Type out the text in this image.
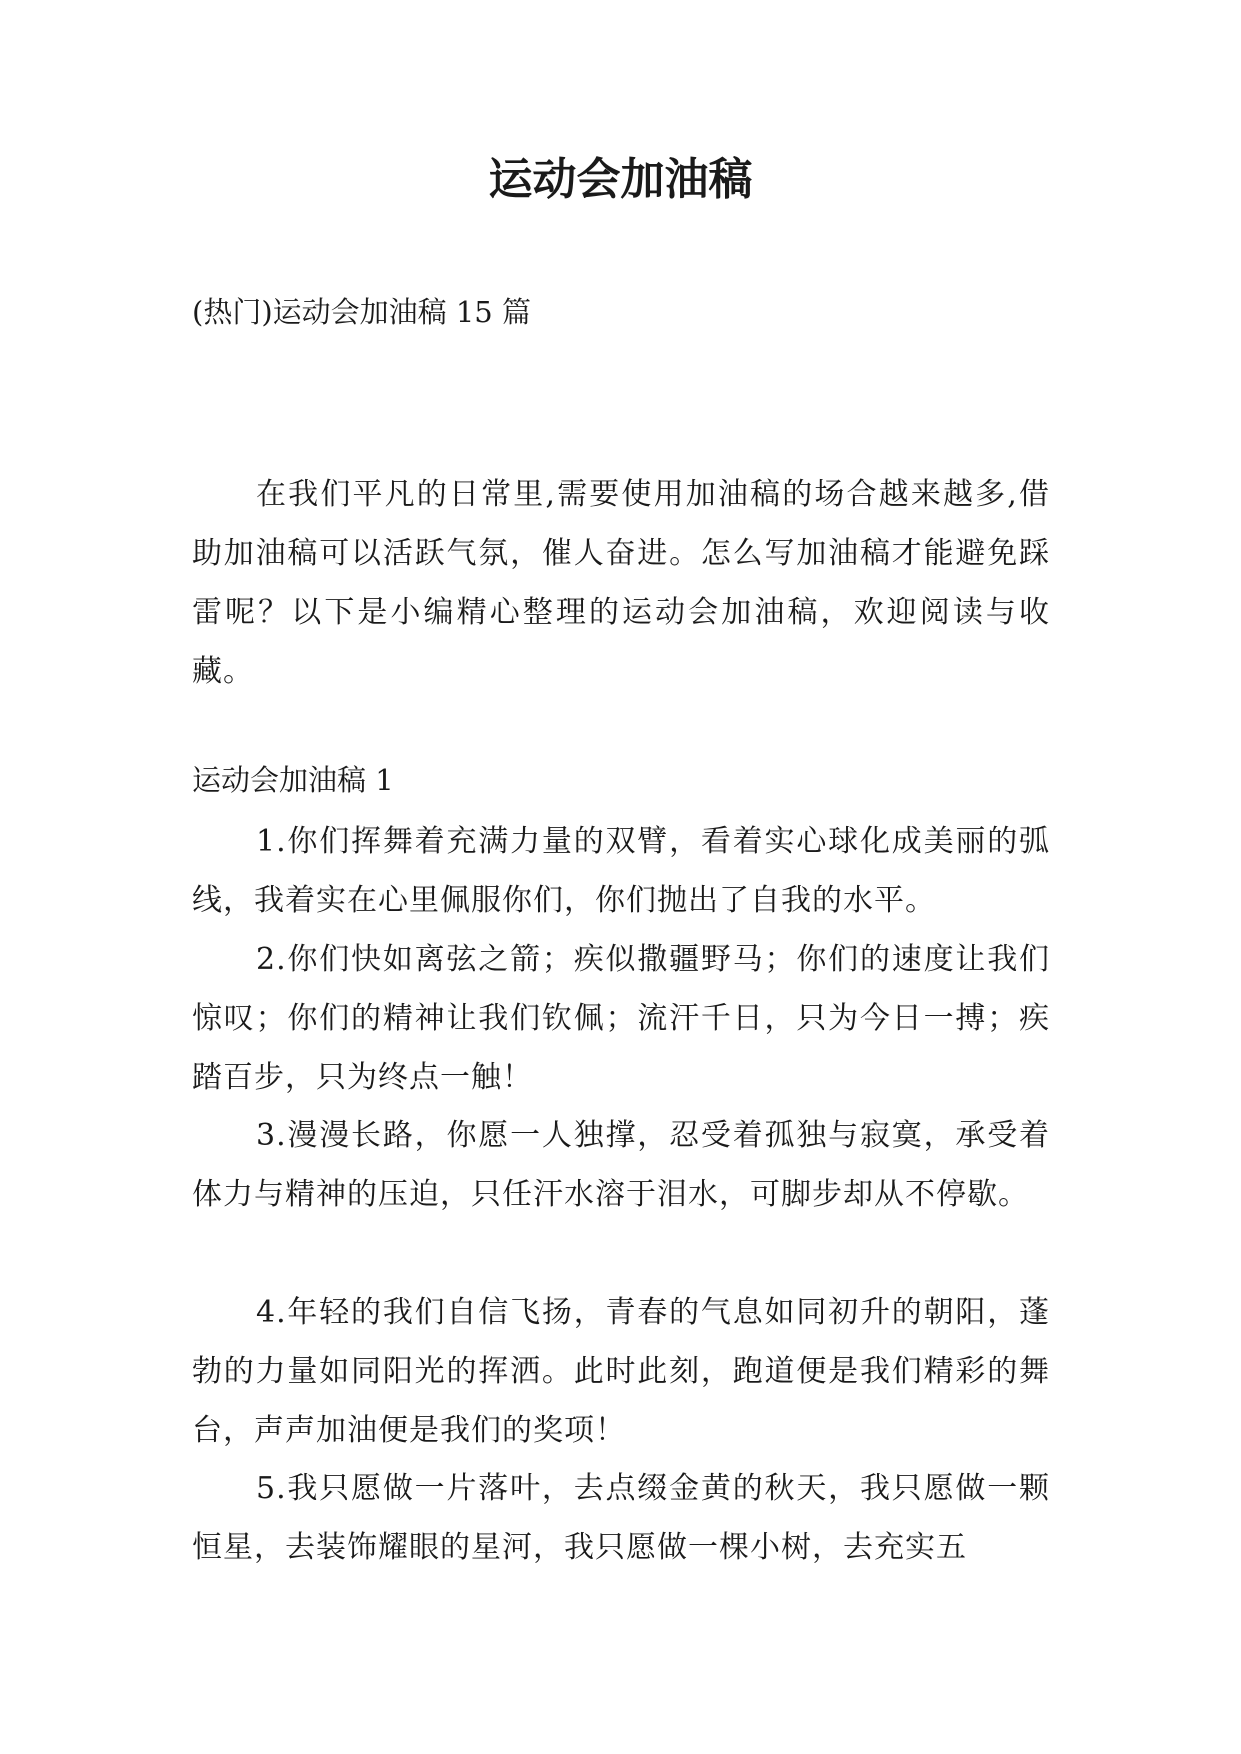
运动会加油稿

(热门)运动会加油稿 15 篇

在我们平凡的日常里,需要使用加油稿的场合越来越多,借助加油稿可以活跃气氛，催人奋进。怎么写加油稿才能避免踩雷呢？以下是小编精心整理的运动会加油稿，欢迎阅读与收藏。

运动会加油稿 1

1.你们挥舞着充满力量的双臂，看着实心球化成美丽的弧线，我着实在心里佩服你们，你们抛出了自我的水平。

2.你们快如离弦之箭；疾似撒疆野马；你们的速度让我们惊叹；你们的精神让我们钦佩；流汗千日，只为今日一搏；疾踏百步，只为终点一触！

3.漫漫长路，你愿一人独撑，忍受着孤独与寂寞，承受着体力与精神的压迫，只任汗水溶于泪水，可脚步却从不停歇。

4.年轻的我们自信飞扬，青春的气息如同初升的朝阳，蓬勃的力量如同阳光的挥洒。此时此刻，跑道便是我们精彩的舞台，声声加油便是我们的奖项！

5.我只愿做一片落叶，去点缀金黄的秋天，我只愿做一颗恒星，去装饰耀眼的星河，我只愿做一棵小树，去充实五
